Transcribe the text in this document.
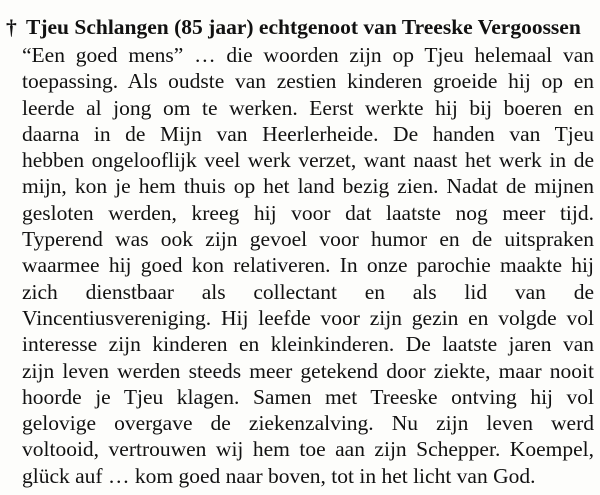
† Tjeu Schlangen (85 jaar) echtgenoot van Treeske Vergoossen
“Een goed mens” … die woorden zijn op Tjeu helemaal van
toepassing. Als oudste van zestien kinderen groeide hij op en
leerde al jong om te werken. Eerst werkte hij bij boeren en
daarna in de Mijn van Heerlerheide. De handen van Tjeu
hebben ongelooflijk veel werk verzet, want naast het werk in de
mijn, kon je hem thuis op het land bezig zien. Nadat de mijnen
gesloten werden, kreeg hij voor dat laatste nog meer tijd.
Typerend was ook zijn gevoel voor humor en de uitspraken
waarmee hij goed kon relativeren. In onze parochie maakte hij
zich dienstbaar als collectant en als lid van de
Vincentiusvereniging. Hij leefde voor zijn gezin en volgde vol
interesse zijn kinderen en kleinkinderen. De laatste jaren van
zijn leven werden steeds meer getekend door ziekte, maar nooit
hoorde je Tjeu klagen. Samen met Treeske ontving hij vol
gelovige overgave de ziekenzalving. Nu zijn leven werd
voltooid, vertrouwen wij hem toe aan zijn Schepper. Koempel,
glück auf … kom goed naar boven, tot in het licht van God.
